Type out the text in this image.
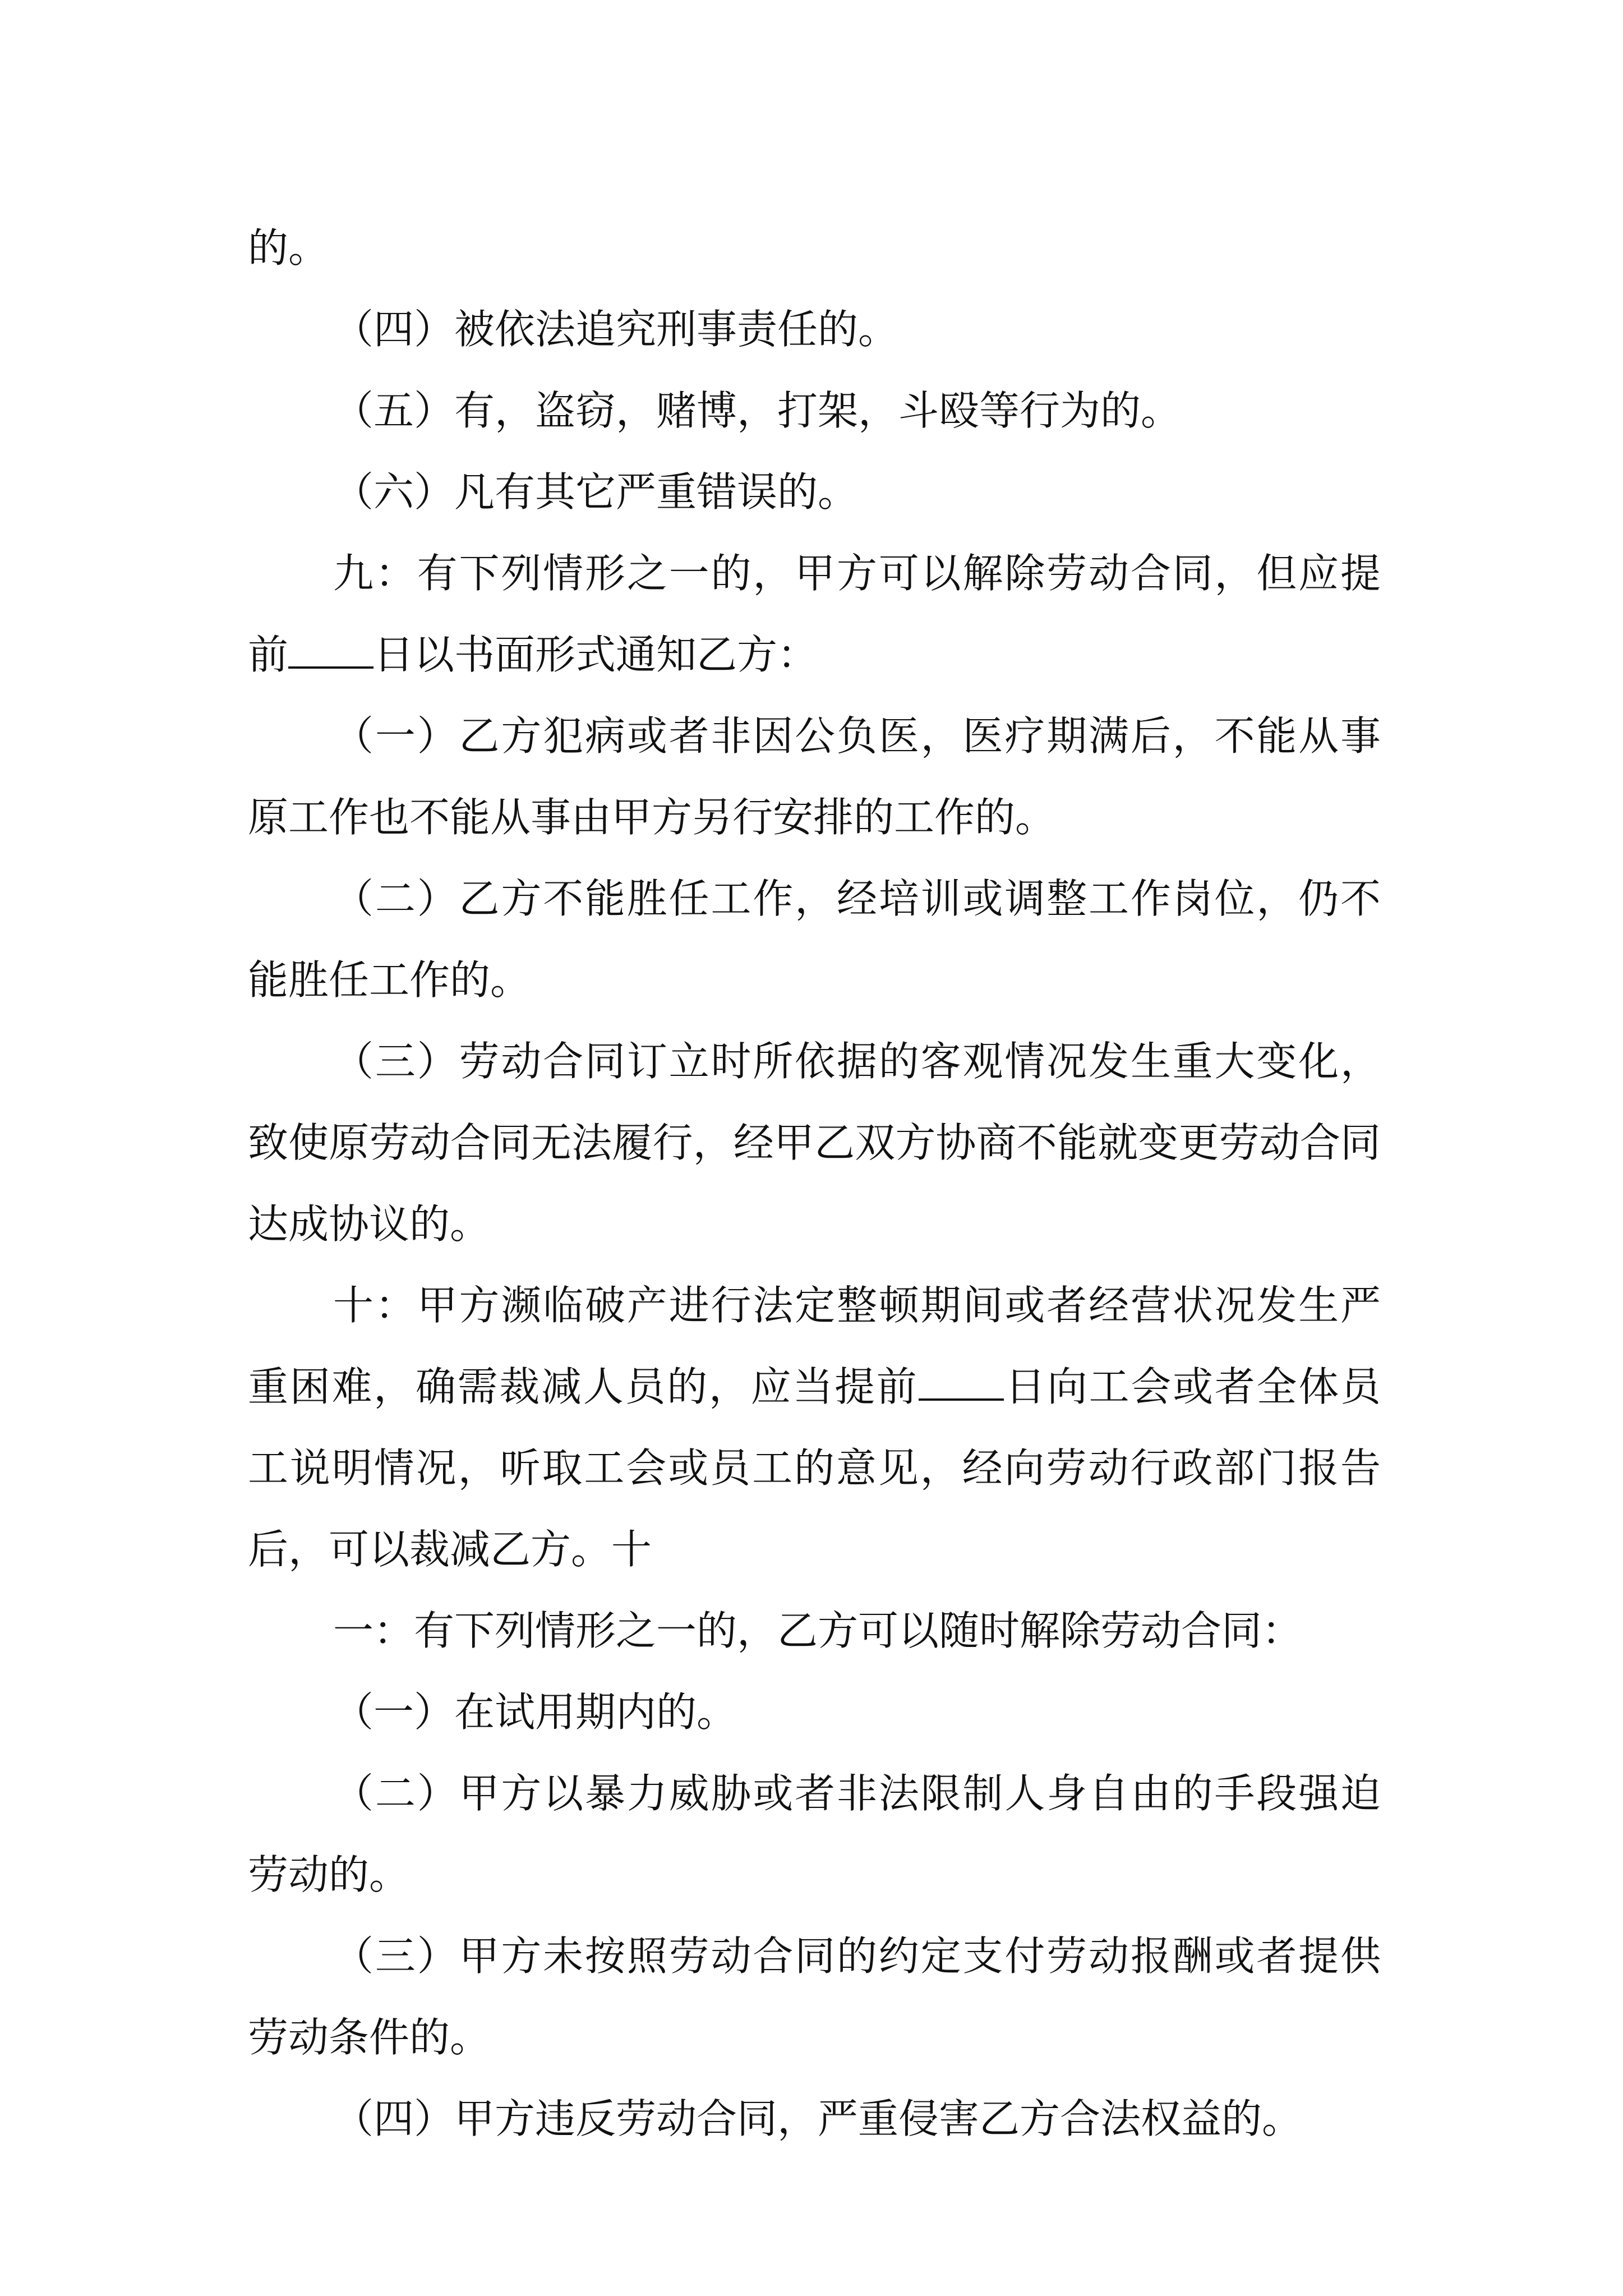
的。

（四）被依法追究刑事责任的。

（五）有，盗窃，赌博，打架，斗殴等行为的。

（六）凡有其它严重错误的。

九：有下列情形之一的，甲方可以解除劳动合同，但应提前 日以书面形式通知乙方：

（一）乙方犯病或者非因公负医，医疗期满后，不能从事原工作也不能从事由甲方另行安排的工作的。

（二）乙方不能胜任工作，经培训或调整工作岗位，仍不能胜任工作的。

（三）劳动合同订立时所依据的客观情况发生重大变化，致使原劳动合同无法履行，经甲乙双方协商不能就变更劳动合同达成协议的。

十：甲方濒临破产进行法定整顿期间或者经营状况发生严重困难，确需裁减人员的，应当提前 日向工会或者全体员工说明情况，听取工会或员工的意见，经向劳动行政部门报告后，可以裁减乙方。十

一：有下列情形之一的，乙方可以随时解除劳动合同：

（一）在试用期内的。

（二）甲方以暴力威胁或者非法限制人身自由的手段强迫劳动的。

（三）甲方未按照劳动合同的约定支付劳动报酬或者提供劳动条件的。

（四）甲方违反劳动合同，严重侵害乙方合法权益的。
